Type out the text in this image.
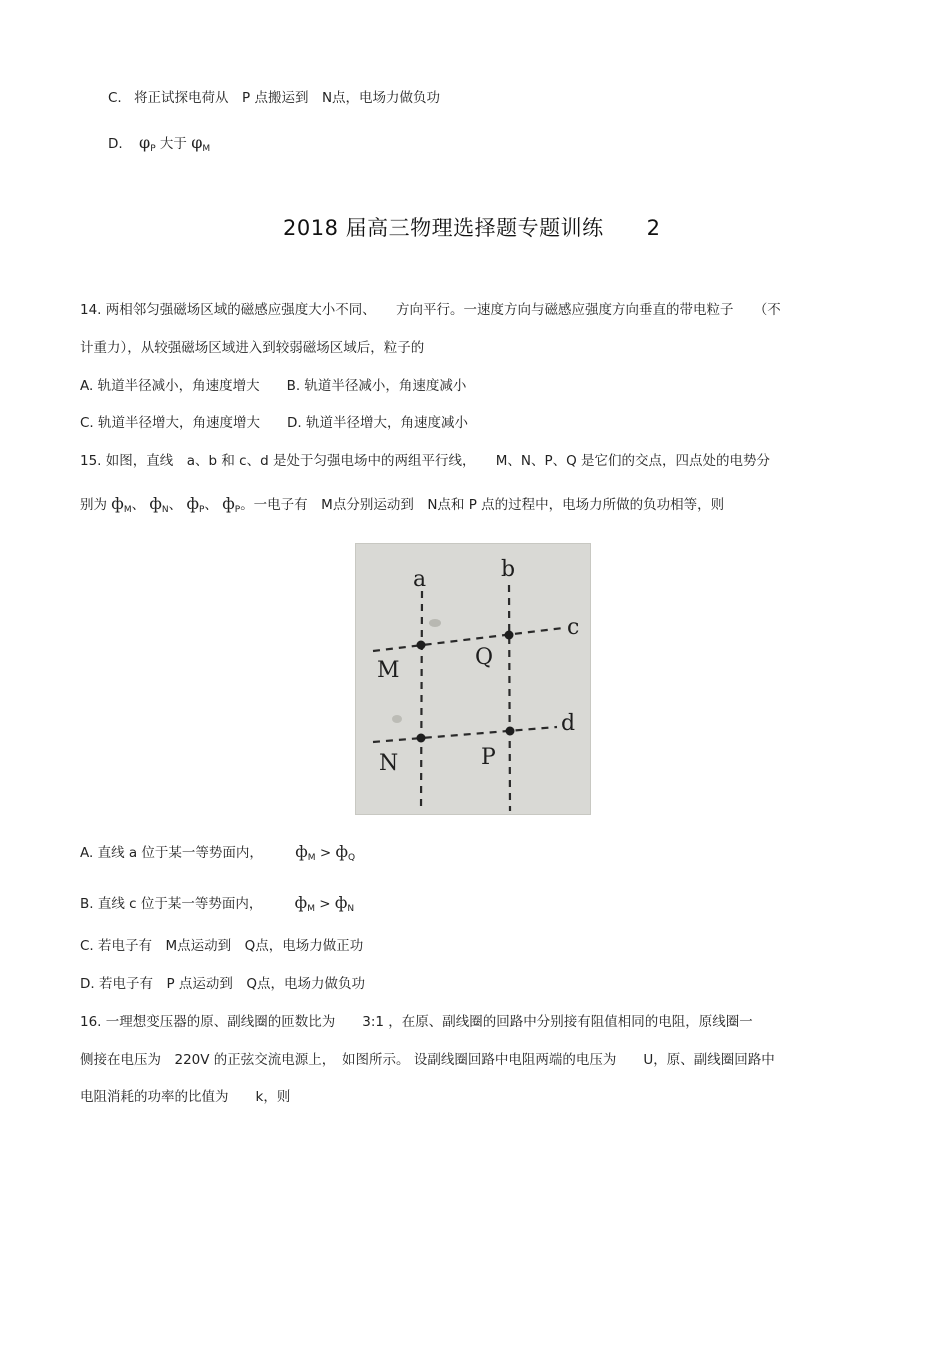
C. 将正试探电荷从　P 点搬运到　N点，电场力做负功
D. $\varphi_P$ 大于 $\varphi_M$
2018 届高三物理选择题专题训练　　2
14. 两相邻匀强磁场区域的磁感应强度大小不同、　　方向平行。一速度方向与磁感应强度方向垂直的带电粒子　　（不
计重力），从较强磁场区域进入到较弱磁场区域后，粒子的
A. 轨道半径减小，角速度增大　　B. 轨道半径减小，角速度减小
C. 轨道半径增大，角速度增大　　D. 轨道半径增大，角速度减小
15. 如图，直线　a、b 和 c、d 是处于匀强电场中的两组平行线，　　M、N、P、Q 是它们的交点，四点处的电势分
别为 $ф_M$、 $ф_N$、 $ф_P$、 $ф_P$。一电子有　M点分别运动到　N点和 P 点的过程中，电场力所做的负功相等，则
a	b
c
d
M
Q
N	P
A. 直线 a 位于某一等势面内， $ф_M > ф_Q$
B. 直线 c 位于某一等势面内， $ф_M > ф_N$
C. 若电子有　M点运动到　Q点，电场力做正功
D. 若电子有　P 点运动到　Q点，电场力做负功
16. 一理想变压器的原、副线圈的匝数比为　　3:1 ，在原、副线圈的回路中分别接有阻值相同的电阻，原线圈一
侧接在电压为　220V 的正弦交流电源上，　如图所示。 设副线圈回路中电阻两端的电压为　　U，原、副线圈回路中
电阻消耗的功率的比值为　　k，则
